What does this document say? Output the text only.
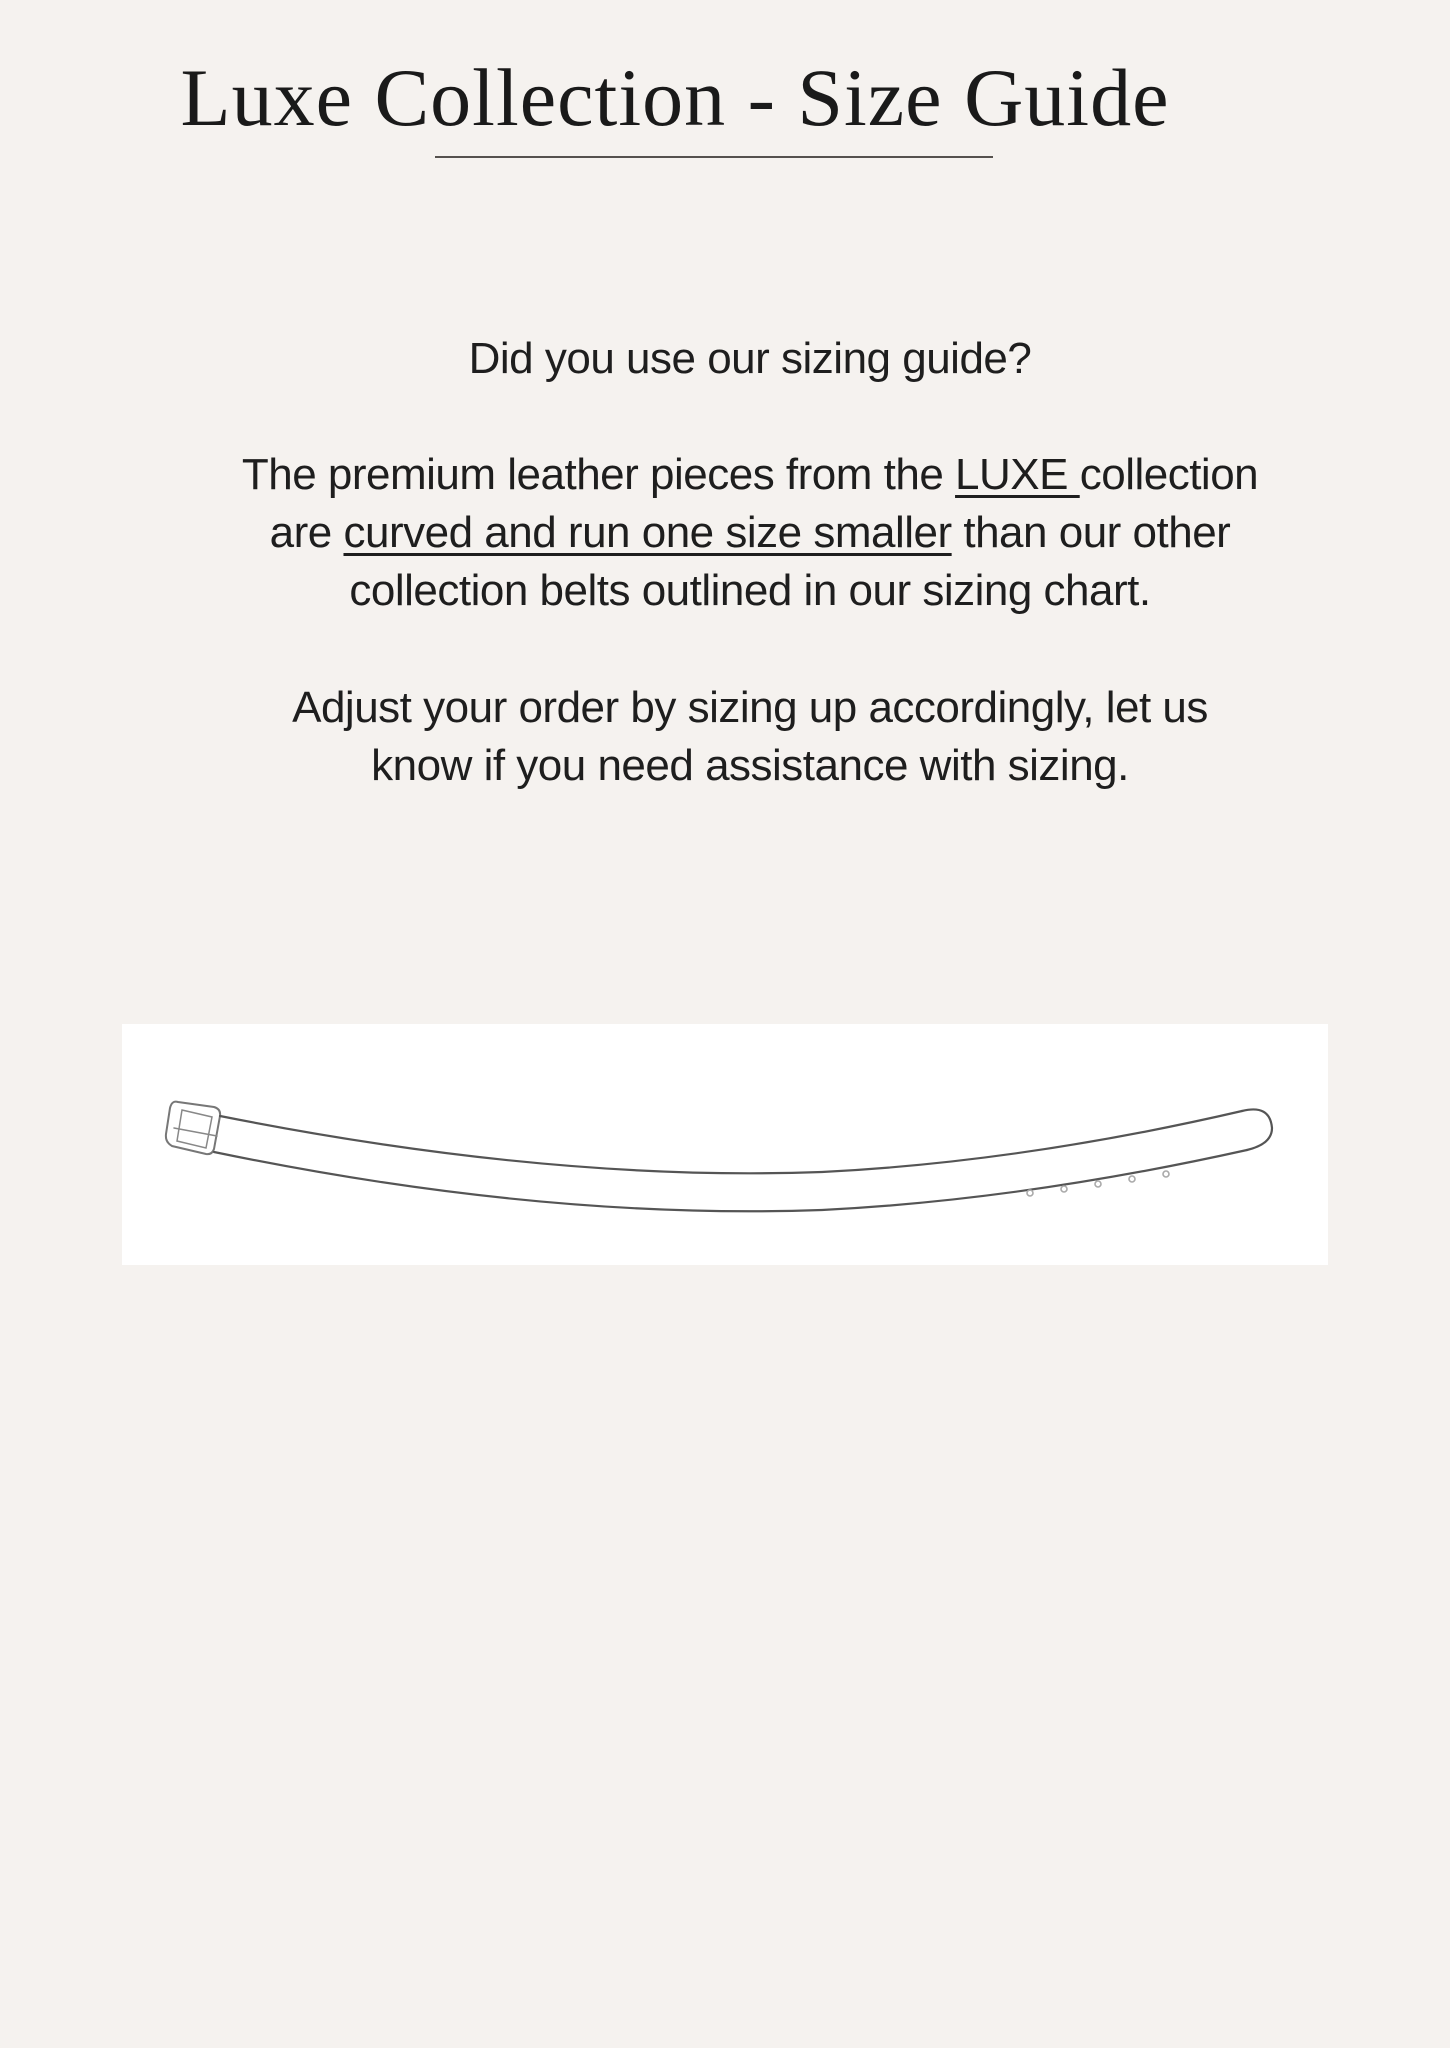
Luxe Collection - Size Guide

Did you use our sizing guide?

The premium leather pieces from the LUXE collection

are curved and run one size smaller than our other

collection belts outlined in our sizing chart.

Adjust your order by sizing up accordingly, let us

know if you need assistance with sizing.
